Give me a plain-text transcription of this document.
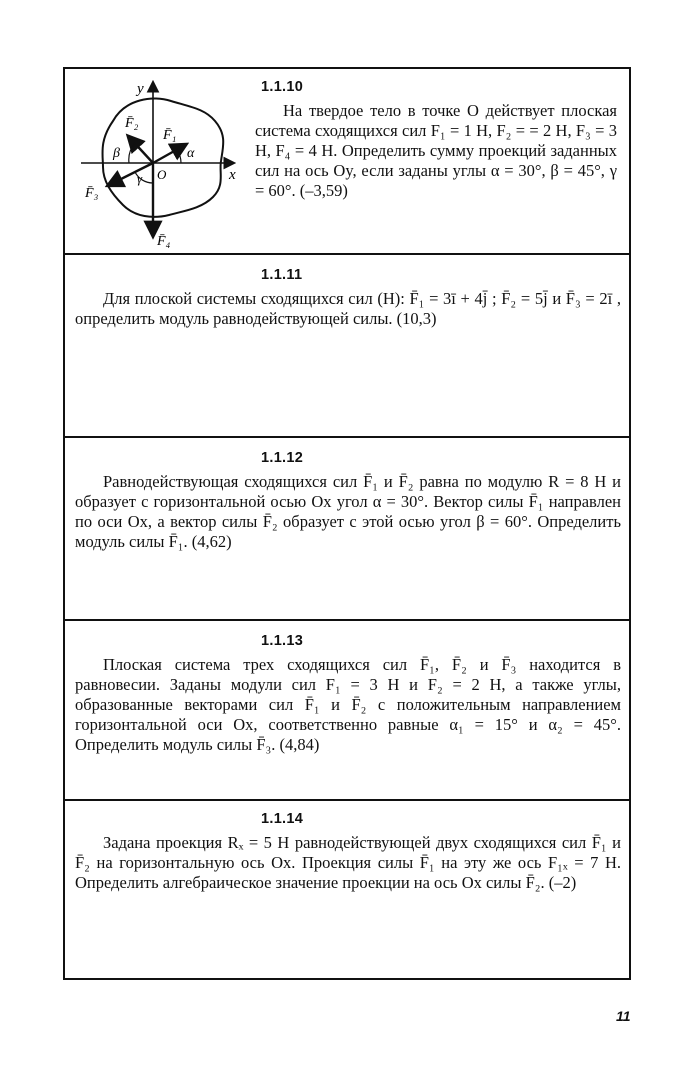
y
x
O
F̄₁
F̄₂
F̄₃
F̄₄
α
β
γ
1.1.10
На твердое тело в точке O действует плоская система сходящихся сил F₁ = 1 Н, F₂ = = 2 Н, F₃ = 3 Н, F₄ = 4 Н. Определить сумму проекций заданных сил на ось Oy, если заданы углы α = 30°, β = 45°, γ = 60°. (–3,59)
1.1.11
Для плоской системы сходящихся сил (Н): F̄₁ = 3ī + 4j̄ ; F̄₂ = 5j̄ и F̄₃ = 2ī , определить модуль равнодействующей силы. (10,3)
1.1.12
Равнодействующая сходящихся сил F̄₁ и F̄₂ равна по модулю R = 8 Н и образует с горизонтальной осью Ox угол α = 30°. Вектор силы F̄₁ направлен по оси Ox, а вектор силы F̄₂ образует с этой осью угол β = 60°. Определить модуль силы F̄₁. (4,62)
1.1.13
Плоская система трех сходящихся сил F̄₁, F̄₂ и F̄₃ находится в равновесии. Заданы модули сил F₁ = 3 Н и F₂ = 2 Н, а также углы, образованные векторами сил F̄₁ и F̄₂ с положительным направлением горизонтальной оси Ox, соответственно равные α₁ = 15° и α₂ = 45°. Определить модуль силы F̄₃. (4,84)
1.1.14
Задана проекция Rₓ = 5 Н равнодействующей двух сходящихся сил F̄₁ и F̄₂ на горизонтальную ось Ox. Проекция силы F̄₁ на эту же ось F₁ₓ = 7 Н. Определить алгебраическое значение проекции на ось Ox силы F̄₂. (–2)
11
